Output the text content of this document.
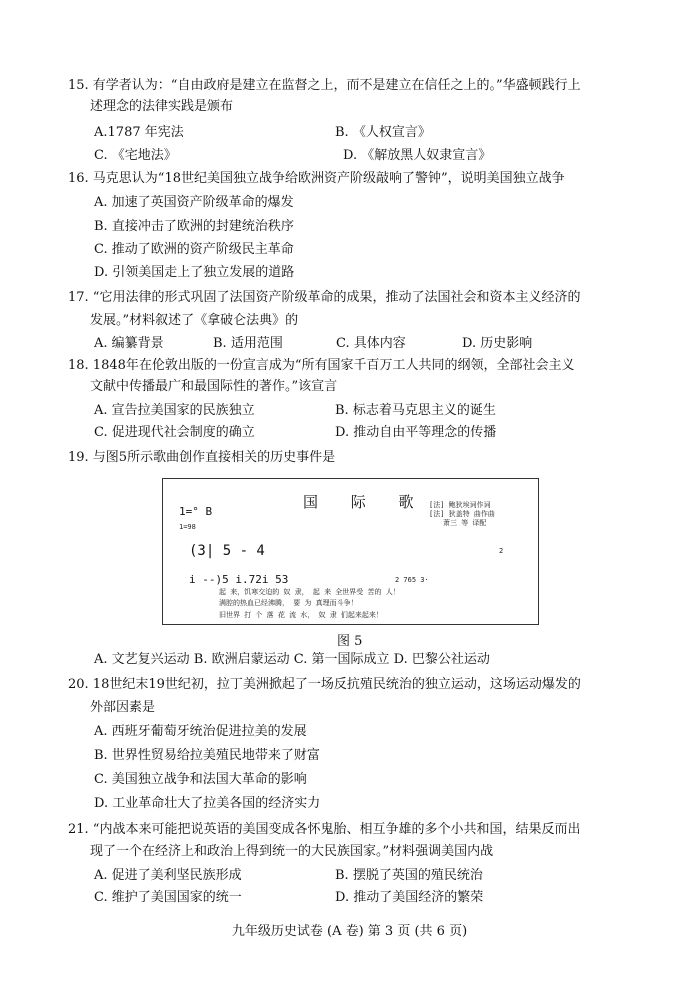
15. 有学者认为：“自由政府是建立在监督之上，而不是建立在信任之上的。”华盛顿践行上
述理念的法律实践是颁布
A.1787 年宪法	B. 《人权宣言》
C. 《宅地法》	D. 《解放黑人奴隶宣言》
16. 马克思认为“18世纪美国独立战争给欧洲资产阶级敲响了警钟”，说明美国独立战争
A. 加速了英国资产阶级革命的爆发
B. 直接冲击了欧洲的封建统治秩序
C. 推动了欧洲的资产阶级民主革命
D. 引领美国走上了独立发展的道路
17. “它用法律的形式巩固了法国资产阶级革命的成果，推动了法国社会和资本主义经济的
发展。”材料叙述了《拿破仑法典》的
A. 编纂背景	B. 适用范围	C. 具体内容	D. 历史影响
18. 1848年在伦敦出版的一份宣言成为“所有国家千百万工人共同的纲领，全部社会主义
文献中传播最广和最国际性的著作。”该宣言
A. 宣告拉美国家的民族独立	B. 标志着马克思主义的诞生
C. 促进现代社会制度的确立	D. 推动自由平等理念的传播
19. 与图5所示歌曲创作直接相关的历史事件是
国 际 歌
1=° B
1=98
[法] 鲍狄埃词作词
[法] 狄盖特 曲作曲
萧三 等 译配
(3| 5 - 4	2
i --)5 i.72i 53	2 765 3·
起 来，饥寒交迫的 奴 隶， 起 来 全世界受 苦的 人！
满腔的热血已经沸腾， 要 为 真理而斗争！
旧世界 打 个 落 花 流 水， 奴 隶 们起来起来！
图 5
A. 文艺复兴运动 B. 欧洲启蒙运动 C. 第一国际成立 D. 巴黎公社运动
20. 18世纪末19世纪初，拉丁美洲掀起了一场反抗殖民统治的独立运动，这场运动爆发的
外部因素是
A. 西班牙葡萄牙统治促进拉美的发展
B. 世界性贸易给拉美殖民地带来了财富
C. 美国独立战争和法国大革命的影响
D. 工业革命壮大了拉美各国的经济实力
21. “内战本来可能把说英语的美国变成各怀鬼胎、相互争雄的多个小共和国，结果反而出
现了一个在经济上和政治上得到统一的大民族国家。”材料强调美国内战
A. 促进了美利坚民族形成	B. 摆脱了英国的殖民统治
C. 维护了美国国家的统一	D. 推动了美国经济的繁荣
九年级历史试卷 (A 卷) 第 3 页 (共 6 页)
